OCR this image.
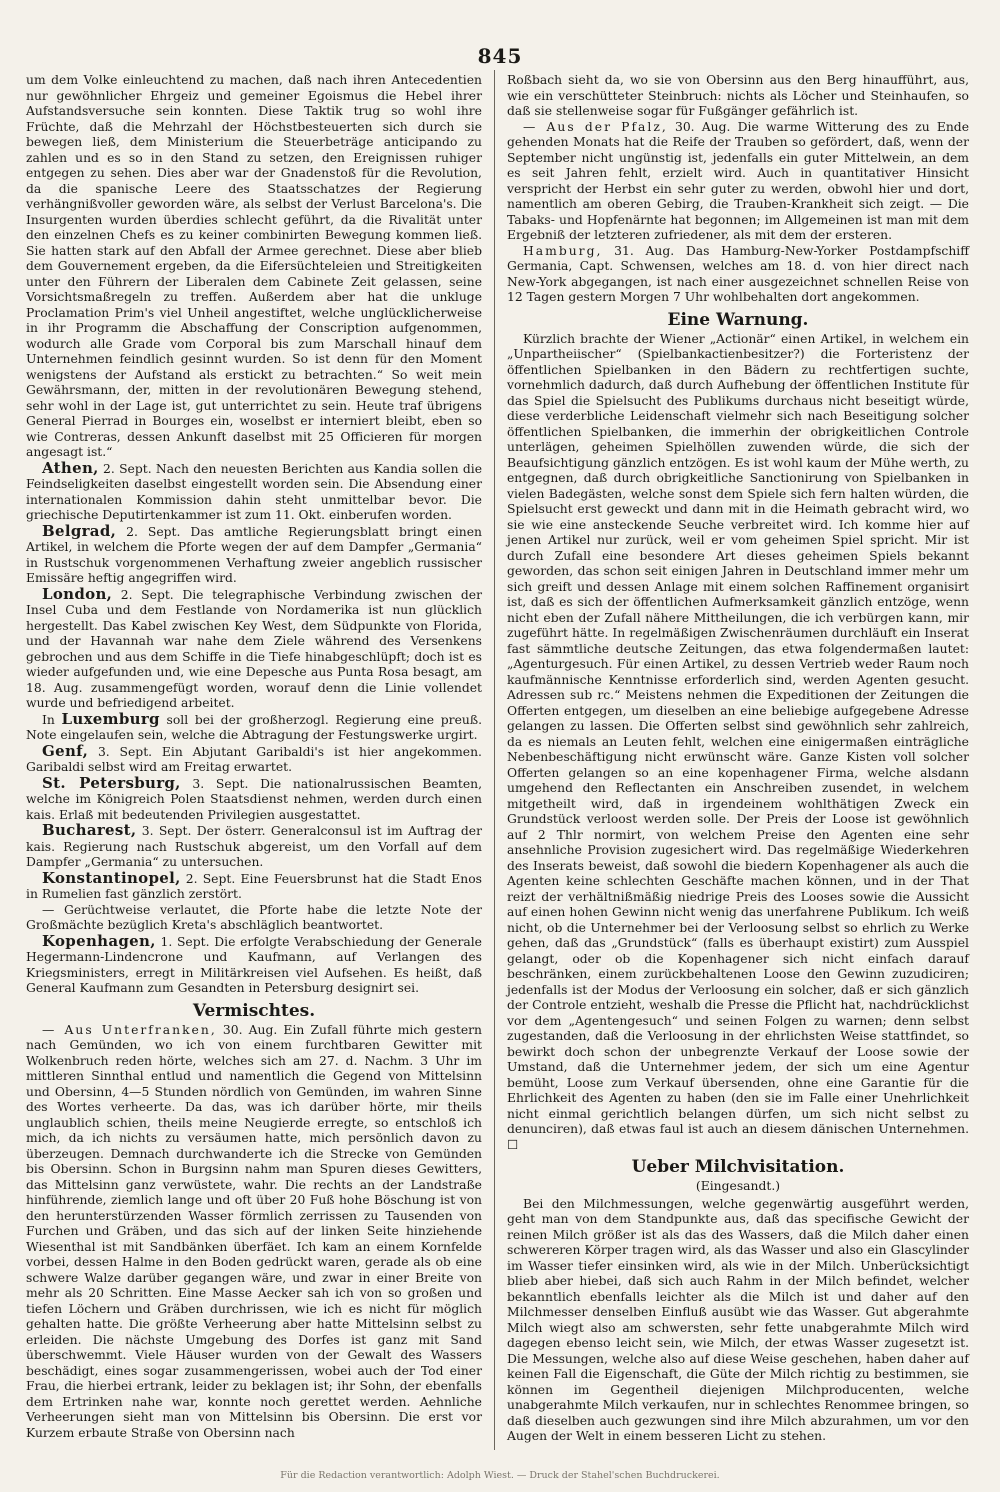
845

um dem Volke einleuchtend zu machen, daß nach ihren Antecedentien nur gewöhnlicher Ehrgeiz und gemeiner Egoismus die Hebel ihrer Aufstandsversuche sein konnten. Diese Taktik trug so wohl ihre Früchte, daß die Mehrzahl der Höchstbesteuerten sich durch sie bewegen ließ, dem Ministerium die Steuerbeträge anticipando zu zahlen und es so in den Stand zu setzen, den Ereignissen ruhiger entgegen zu sehen. Dies aber war der Gnadenstoß für die Revolution, da die spanische Leere des Staatsschatzes der Regierung verhängnißvoller geworden wäre, als selbst der Verlust Barcelona's. Die Insurgenten wurden überdies schlecht geführt, da die Rivalität unter den einzelnen Chefs es zu keiner combinirten Bewegung kommen ließ. Sie hatten stark auf den Abfall der Armee gerechnet. Diese aber blieb dem Gouvernement ergeben, da die Eifersüchteleien und Streitigkeiten unter den Führern der Liberalen dem Cabinete Zeit gelassen, seine Vorsichtsmaßregeln zu treffen. Außerdem aber hat die unkluge Proclamation Prim's viel Unheil angestiftet, welche unglücklicherweise in ihr Programm die Abschaffung der Conscription aufgenommen, wodurch alle Grade vom Corporal bis zum Marschall hinauf dem Unternehmen feindlich gesinnt wurden. So ist denn für den Moment wenigstens der Aufstand als erstickt zu betrachten.“ So weit mein Gewährsmann, der, mitten in der revolutionären Bewegung stehend, sehr wohl in der Lage ist, gut unterrichtet zu sein. Heute traf übrigens General Pierrad in Bourges ein, woselbst er interniert bleibt, eben so wie Contreras, dessen Ankunft daselbst mit 25 Officieren für morgen angesagt ist.“

Athen, 2. Sept. Nach den neuesten Berichten aus Kandia sollen die Feindseligkeiten daselbst eingestellt worden sein. Die Absendung einer internationalen Kommission dahin steht unmittelbar bevor. Die griechische Deputirtenkammer ist zum 11. Okt. einberufen worden.

Belgrad, 2. Sept. Das amtliche Regierungsblatt bringt einen Artikel, in welchem die Pforte wegen der auf dem Dampfer „Germania“ in Rustschuk vorgenommenen Verhaftung zweier angeblich russischer Emissäre heftig angegriffen wird.

London, 2. Sept. Die telegraphische Verbindung zwischen der Insel Cuba und dem Festlande von Nordamerika ist nun glücklich hergestellt. Das Kabel zwischen Key West, dem Südpunkte von Florida, und der Havannah war nahe dem Ziele während des Versenkens gebrochen und aus dem Schiffe in die Tiefe hinabgeschlüpft; doch ist es wieder aufgefunden und, wie eine Depesche aus Punta Rosa besagt, am 18. Aug. zusammengefügt worden, worauf denn die Linie vollendet wurde und befriedigend arbeitet.

In Luxemburg soll bei der großherzogl. Regierung eine preuß. Note eingelaufen sein, welche die Abtragung der Festungswerke urgirt.

Genf, 3. Sept. Ein Abjutant Garibaldi's ist hier angekommen. Garibaldi selbst wird am Freitag erwartet.

St. Petersburg, 3. Sept. Die nationalrussischen Beamten, welche im Königreich Polen Staatsdienst nehmen, werden durch einen kais. Erlaß mit bedeutenden Privilegien ausgestattet.

Bucharest, 3. Sept. Der österr. Generalconsul ist im Auftrag der kais. Regierung nach Rustschuk abgereist, um den Vorfall auf dem Dampfer „Germania“ zu untersuchen.

Konstantinopel, 2. Sept. Eine Feuersbrunst hat die Stadt Enos in Rumelien fast gänzlich zerstört.

— Gerüchtweise verlautet, die Pforte habe die letzte Note der Großmächte bezüglich Kreta's abschläglich beantwortet.

Kopenhagen, 1. Sept. Die erfolgte Verabschiedung der Generale Hegermann-Lindencrone und Kaufmann, auf Verlangen des Kriegsministers, erregt in Militärkreisen viel Aufsehen. Es heißt, daß General Kaufmann zum Gesandten in Petersburg designirt sei.

Vermischtes.

— Aus Unterfranken, 30. Aug. Ein Zufall führte mich gestern nach Gemünden, wo ich von einem furchtbaren Gewitter mit Wolkenbruch reden hörte, welches sich am 27. d. Nachm. 3 Uhr im mittleren Sinnthal entlud und namentlich die Gegend von Mittelsinn und Obersinn, 4—5 Stunden nördlich von Gemünden, im wahren Sinne des Wortes verheerte. Da das, was ich darüber hörte, mir theils unglaublich schien, theils meine Neugierde erregte, so entschloß ich mich, da ich nichts zu versäumen hatte, mich persönlich davon zu überzeugen. Demnach durchwanderte ich die Strecke von Gemünden bis Obersinn. Schon in Burgsinn nahm man Spuren dieses Gewitters, das Mittelsinn ganz verwüstete, wahr. Die rechts an der Landstraße hinführende, ziemlich lange und oft über 20 Fuß hohe Böschung ist von den herunterstürzenden Wasser förmlich zerrissen zu Tausenden von Furchen und Gräben, und das sich auf der linken Seite hinziehende Wiesenthal ist mit Sandbänken überfäet. Ich kam an einem Kornfelde vorbei, dessen Halme in den Boden gedrückt waren, gerade als ob eine schwere Walze darüber gegangen wäre, und zwar in einer Breite von mehr als 20 Schritten. Eine Masse Aecker sah ich von so großen und tiefen Löchern und Gräben durchrissen, wie ich es nicht für möglich gehalten hatte. Die größte Verheerung aber hatte Mittelsinn selbst zu erleiden. Die nächste Umgebung des Dorfes ist ganz mit Sand überschwemmt. Viele Häuser wurden von der Gewalt des Wassers beschädigt, eines sogar zusammengerissen, wobei auch der Tod einer Frau, die hierbei ertrank, leider zu beklagen ist; ihr Sohn, der ebenfalls dem Ertrinken nahe war, konnte noch gerettet werden. Aehnliche Verheerungen sieht man von Mittelsinn bis Obersinn. Die erst vor Kurzem erbaute Straße von Obersinn nach

Roßbach sieht da, wo sie von Obersinn aus den Berg hinaufführt, aus, wie ein verschütteter Steinbruch: nichts als Löcher und Steinhaufen, so daß sie stellenweise sogar für Fußgänger gefährlich ist.

— Aus der Pfalz, 30. Aug. Die warme Witterung des zu Ende gehenden Monats hat die Reife der Trauben so gefördert, daß, wenn der September nicht ungünstig ist, jedenfalls ein guter Mittelwein, an dem es seit Jahren fehlt, erzielt wird. Auch in quantitativer Hinsicht verspricht der Herbst ein sehr guter zu werden, obwohl hier und dort, namentlich am oberen Gebirg, die Trauben-Krankheit sich zeigt. — Die Tabaks- und Hopfenärnte hat begonnen; im Allgemeinen ist man mit dem Ergebniß der letzteren zufriedener, als mit dem der ersteren.

Hamburg, 31. Aug. Das Hamburg-New-Yorker Postdampfschiff Germania, Capt. Schwensen, welches am 18. d. von hier direct nach New-York abgegangen, ist nach einer ausgezeichnet schnellen Reise von 12 Tagen gestern Morgen 7 Uhr wohlbehalten dort angekommen.

Eine Warnung.

Kürzlich brachte der Wiener „Actionär“ einen Artikel, in welchem ein „Unpartheiischer“ (Spielbankactienbesitzer?) die Forteristenz der öffentlichen Spielbanken in den Bädern zu rechtfertigen suchte, vornehmlich dadurch, daß durch Aufhebung der öffentlichen Institute für das Spiel die Spielsucht des Publikums durchaus nicht beseitigt würde, diese verderbliche Leidenschaft vielmehr sich nach Beseitigung solcher öffentlichen Spielbanken, die immerhin der obrigkeitlichen Controle unterlägen, geheimen Spielhöllen zuwenden würde, die sich der Beaufsichtigung gänzlich entzögen. Es ist wohl kaum der Mühe werth, zu entgegnen, daß durch obrigkeitliche Sanctionirung von Spielbanken in vielen Badegästen, welche sonst dem Spiele sich fern halten würden, die Spielsucht erst geweckt und dann mit in die Heimath gebracht wird, wo sie wie eine ansteckende Seuche verbreitet wird. Ich komme hier auf jenen Artikel nur zurück, weil er vom geheimen Spiel spricht. Mir ist durch Zufall eine besondere Art dieses geheimen Spiels bekannt geworden, das schon seit einigen Jahren in Deutschland immer mehr um sich greift und dessen Anlage mit einem solchen Raffinement organisirt ist, daß es sich der öffentlichen Aufmerksamkeit gänzlich entzöge, wenn nicht eben der Zufall nähere Mittheilungen, die ich verbürgen kann, mir zugeführt hätte. In regelmäßigen Zwischenräumen durchläuft ein Inserat fast sämmtliche deutsche Zeitungen, das etwa folgendermaßen lautet: „Agenturgesuch. Für einen Artikel, zu dessen Vertrieb weder Raum noch kaufmännische Kenntnisse erforderlich sind, werden Agenten gesucht. Adressen sub rc.“ Meistens nehmen die Expeditionen der Zeitungen die Offerten entgegen, um dieselben an eine beliebige aufgegebene Adresse gelangen zu lassen. Die Offerten selbst sind gewöhnlich sehr zahlreich, da es niemals an Leuten fehlt, welchen eine einigermaßen einträgliche Nebenbeschäftigung nicht erwünscht wäre. Ganze Kisten voll solcher Offerten gelangen so an eine kopenhagener Firma, welche alsdann umgehend den Reflectanten ein Anschreiben zusendet, in welchem mitgetheilt wird, daß in irgendeinem wohlthätigen Zweck ein Grundstück verloost werden solle. Der Preis der Loose ist gewöhnlich auf 2 Thlr normirt, von welchem Preise den Agenten eine sehr ansehnliche Provision zugesichert wird. Das regelmäßige Wiederkehren des Inserats beweist, daß sowohl die biedern Kopenhagener als auch die Agenten keine schlechten Geschäfte machen können, und in der That reizt der verhältnißmäßig niedrige Preis des Looses sowie die Aussicht auf einen hohen Gewinn nicht wenig das unerfahrene Publikum. Ich weiß nicht, ob die Unternehmer bei der Verloosung selbst so ehrlich zu Werke gehen, daß das „Grundstück“ (falls es überhaupt existirt) zum Ausspiel gelangt, oder ob die Kopenhagener sich nicht einfach darauf beschränken, einem zurückbehaltenen Loose den Gewinn zuzudiciren; jedenfalls ist der Modus der Verloosung ein solcher, daß er sich gänzlich der Controle entzieht, weshalb die Presse die Pflicht hat, nachdrücklichst vor dem „Agentengesuch“ und seinen Folgen zu warnen; denn selbst zugestanden, daß die Verloosung in der ehrlichsten Weise stattfindet, so bewirkt doch schon der unbegrenzte Verkauf der Loose sowie der Umstand, daß die Unternehmer jedem, der sich um eine Agentur bemüht, Loose zum Verkauf übersenden, ohne eine Garantie für die Ehrlichkeit des Agenten zu haben (den sie im Falle einer Unehrlichkeit nicht einmal gerichtlich belangen dürfen, um sich nicht selbst zu denunciren), daß etwas faul ist auch an diesem dänischen Unternehmen. ☐

Ueber Milchvisitation.
(Eingesandt.)

Bei den Milchmessungen, welche gegenwärtig ausgeführt werden, geht man von dem Standpunkte aus, daß das specifische Gewicht der reinen Milch größer ist als das des Wassers, daß die Milch daher einen schwereren Körper tragen wird, als das Wasser und also ein Glascylinder im Wasser tiefer einsinken wird, als wie in der Milch. Unberücksichtigt blieb aber hiebei, daß sich auch Rahm in der Milch befindet, welcher bekanntlich ebenfalls leichter als die Milch ist und daher auf den Milchmesser denselben Einfluß ausübt wie das Wasser. Gut abgerahmte Milch wiegt also am schwersten, sehr fette unabgerahmte Milch wird dagegen ebenso leicht sein, wie Milch, der etwas Wasser zugesetzt ist. Die Messungen, welche also auf diese Weise geschehen, haben daher auf keinen Fall die Eigenschaft, die Güte der Milch richtig zu bestimmen, sie können im Gegentheil diejenigen Milchproducenten, welche unabgerahmte Milch verkaufen, nur in schlechtes Renommee bringen, so daß dieselben auch gezwungen sind ihre Milch abzurahmen, um vor den Augen der Welt in einem besseren Licht zu stehen.

Für die Redaction verantwortlich: Adolph Wiest. — Druck der Stahel'schen Buchdruckerei.
